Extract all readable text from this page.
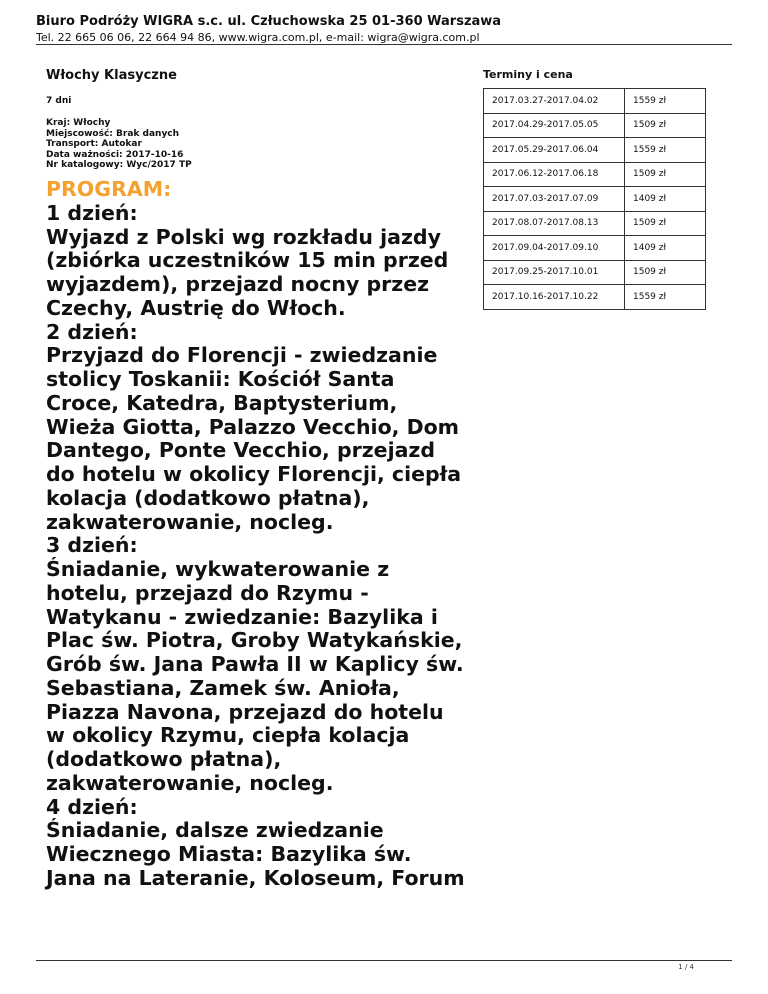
Biuro Podróży WIGRA s.c. ul. Człuchowska 25 01-360 Warszawa
Tel. 22 665 06 06, 22 664 94 86, www.wigra.com.pl, e-mail: wigra@wigra.com.pl
Włochy Klasyczne
7 dni
Kraj: Włochy
Miejscowość: Brak danych
Transport: Autokar
Data ważności: 2017-10-16
Nr katalogowy: Wyc/2017 TP
PROGRAM:
1 dzień:
Wyjazd z Polski wg rozkładu jazdy
(zbiórka uczestników 15 min przed
wyjazdem), przejazd nocny przez
Czechy, Austrię do Włoch.
2 dzień:
Przyjazd do Florencji - zwiedzanie
stolicy Toskanii: Kościół Santa
Croce, Katedra, Baptysterium,
Wieża Giotta, Palazzo Vecchio, Dom
Dantego, Ponte Vecchio, przejazd
do hotelu w okolicy Florencji, ciepła
kolacja (dodatkowo płatna),
zakwaterowanie, nocleg.
3 dzień:
Śniadanie, wykwaterowanie z
hotelu, przejazd do Rzymu -
Watykanu - zwiedzanie: Bazylika i
Plac św. Piotra, Groby Watykańskie,
Grób św. Jana Pawła II w Kaplicy św.
Sebastiana, Zamek św. Anioła,
Piazza Navona, przejazd do hotelu
w okolicy Rzymu, ciepła kolacja
(dodatkowo płatna),
zakwaterowanie, nocleg.
4 dzień:
Śniadanie, dalsze zwiedzanie
Wiecznego Miasta: Bazylika św.
Jana na Lateranie, Koloseum, Forum
Terminy i cena
2017.03.27-2017.04.02	1559 zł
2017.04.29-2017.05.05	1509 zł
2017.05.29-2017.06.04	1559 zł
2017.06.12-2017.06.18	1509 zł
2017.07.03-2017.07.09	1409 zł
2017.08.07-2017.08.13	1509 zł
2017.09.04-2017.09.10	1409 zł
2017.09.25-2017.10.01	1509 zł
2017.10.16-2017.10.22	1559 zł
1 / 4
